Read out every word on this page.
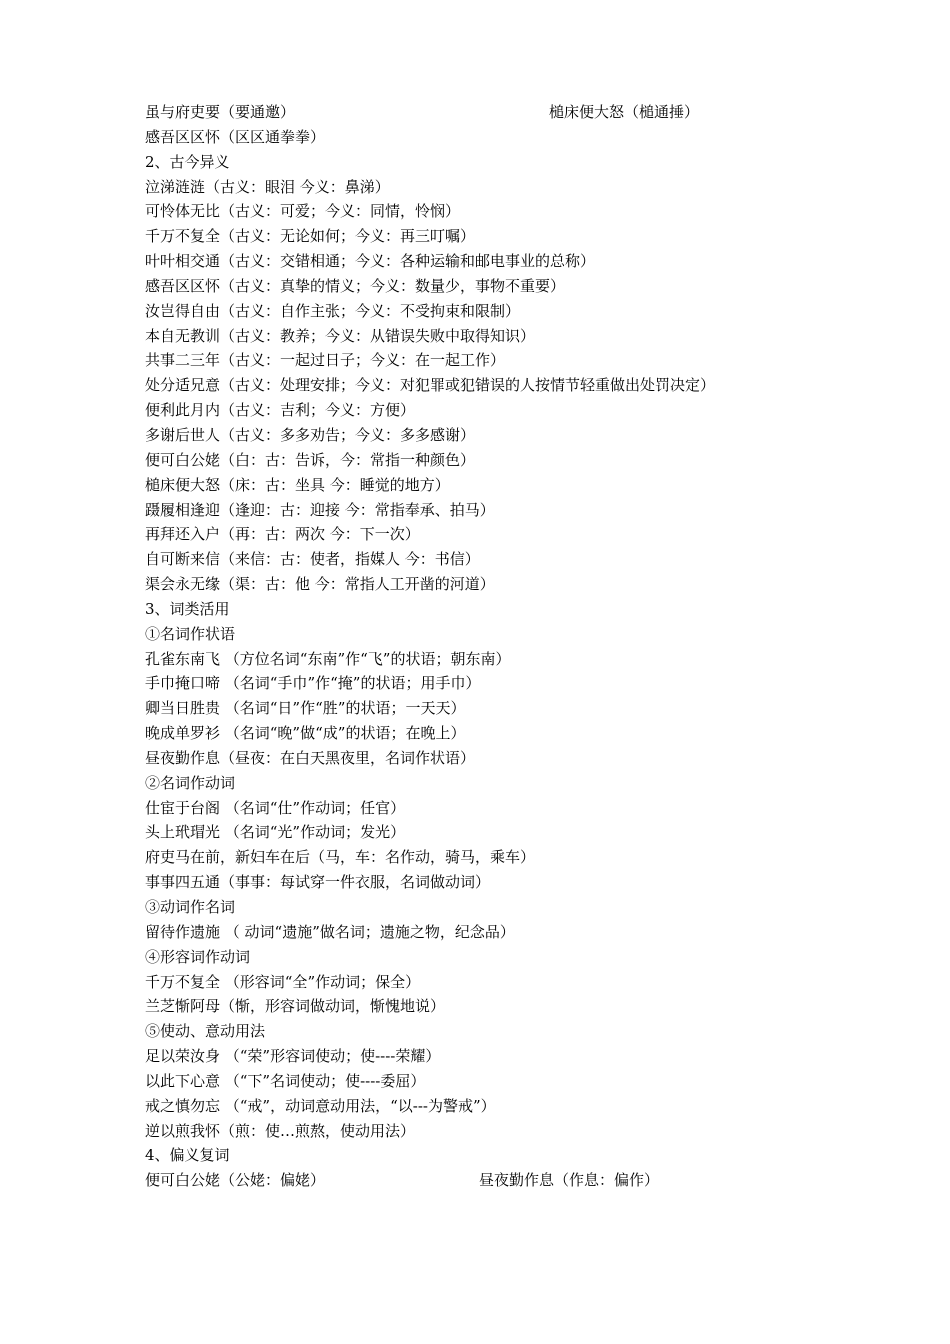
虽与府吏要（要通邀）	槌床便大怒（槌通捶）
感吾区区怀（区区通拳拳）
2、古今异义
泣涕涟涟（古义：眼泪 今义：鼻涕）
可怜体无比（古义：可爱；今义：同情，怜悯）
千万不复全（古义：无论如何；今义：再三叮嘱）
叶叶相交通（古义：交错相通；今义：各种运输和邮电事业的总称）
感吾区区怀（古义：真挚的情义；今义：数量少，事物不重要）
汝岂得自由（古义：自作主张；今义：不受拘束和限制）
本自无教训（古义：教养；今义：从错误失败中取得知识）
共事二三年（古义：一起过日子；今义：在一起工作）
处分适兄意（古义：处理安排；今义：对犯罪或犯错误的人按情节轻重做出处罚决定）
便利此月内（古义：吉利；今义：方便）
多谢后世人（古义：多多劝告；今义：多多感谢）
便可白公姥（白：古：告诉，今：常指一种颜色）
槌床便大怒（床：古：坐具 今：睡觉的地方）
蹑履相逢迎（逢迎：古：迎接 今：常指奉承、拍马）
再拜还入户（再：古：两次 今：下一次）
自可断来信（来信：古：使者，指媒人 今：书信）
渠会永无缘（渠：古：他 今：常指人工开凿的河道）
3、词类活用
①名词作状语
孔雀东南飞 （方位名词“东南”作“飞”的状语；朝东南）
手巾掩口啼 （名词“手巾”作“掩”的状语；用手巾）
卿当日胜贵 （名词“日”作“胜”的状语；一天天）
晚成单罗衫 （名词“晚”做“成”的状语；在晚上）
昼夜勤作息（昼夜：在白天黑夜里，名词作状语）
②名词作动词
仕宦于台阁 （名词“仕”作动词；任官）
头上玳瑁光 （名词“光”作动词；发光）
府吏马在前，新妇车在后（马，车：名作动，骑马，乘车）
事事四五通（事事：每试穿一件衣服，名词做动词）
③动词作名词
留待作遗施 （ 动词“遗施”做名词；遗施之物，纪念品）
④形容词作动词
千万不复全 （形容词“全”作动词；保全）
兰芝惭阿母（惭，形容词做动词，惭愧地说）
⑤使动、意动用法
足以荣汝身 （“荣”形容词使动；使----荣耀）
以此下心意 （“下”名词使动；使----委屈）
戒之慎勿忘 （“戒”，动词意动用法，“以---为警戒”）
逆以煎我怀（煎：使…煎熬，使动用法）
4、偏义复词
便可白公姥（公姥：偏姥）	昼夜勤作息（作息：偏作）
